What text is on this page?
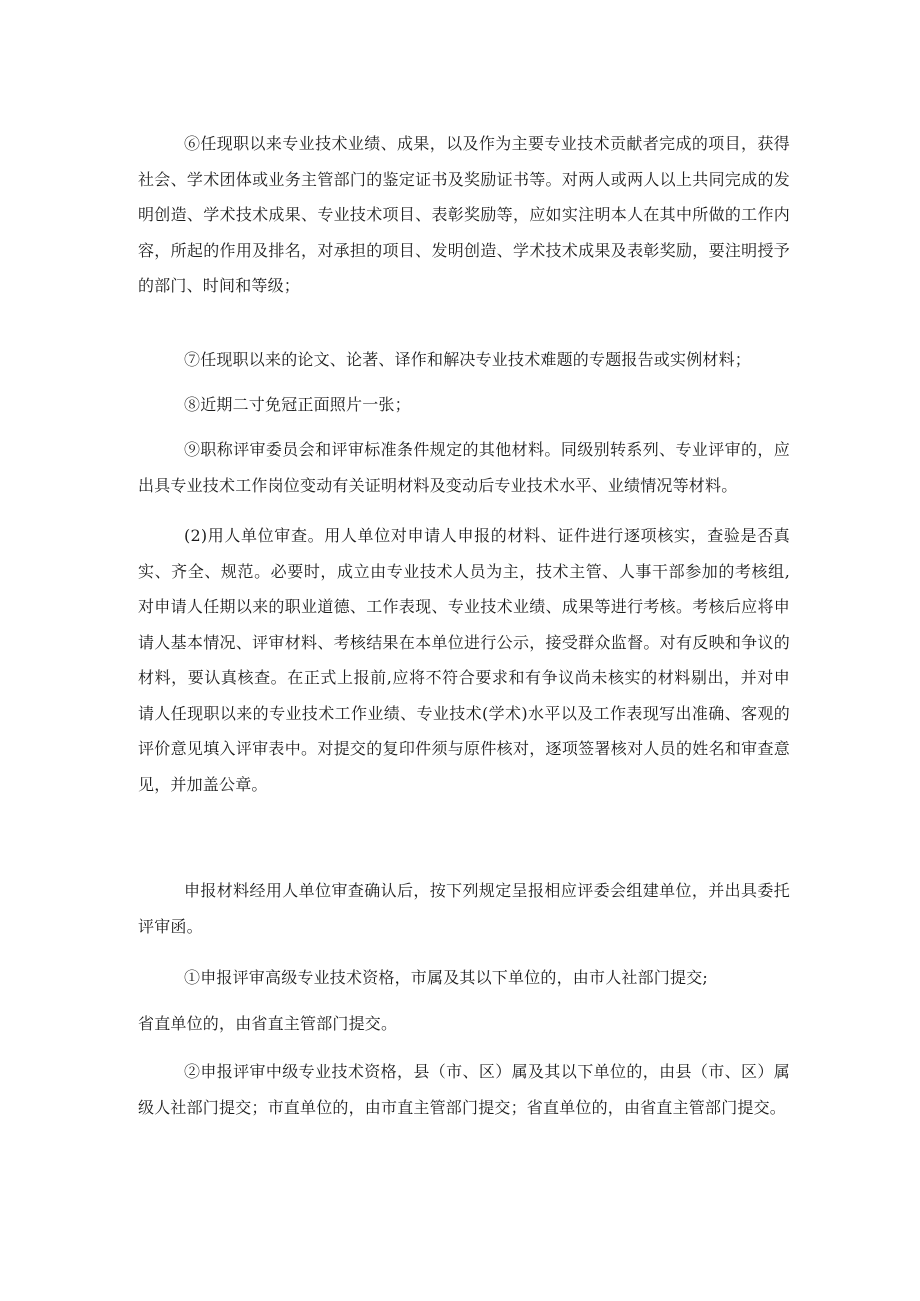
⑥任现职以来专业技术业绩、成果，以及作为主要专业技术贡献者完成的项目，获得社会、学术团体或业务主管部门的鉴定证书及奖励证书等。对两人或两人以上共同完成的发明创造、学术技术成果、专业技术项目、表彰奖励等，应如实注明本人在其中所做的工作内容，所起的作用及排名，对承担的项目、发明创造、学术技术成果及表彰奖励，要注明授予的部门、时间和等级；

⑦任现职以来的论文、论著、译作和解决专业技术难题的专题报告或实例材料；

⑧近期二寸免冠正面照片一张；

⑨职称评审委员会和评审标准条件规定的其他材料。同级别转系列、专业评审的，应出具专业技术工作岗位变动有关证明材料及变动后专业技术水平、业绩情况等材料。

(2)用人单位审查。用人单位对申请人申报的材料、证件进行逐项核实，查验是否真实、齐全、规范。必要时，成立由专业技术人员为主，技术主管、人事干部参加的考核组,对申请人任期以来的职业道德、工作表现、专业技术业绩、成果等进行考核。考核后应将申请人基本情况、评审材料、考核结果在本单位进行公示，接受群众监督。对有反映和争议的材料，要认真核查。在正式上报前,应将不符合要求和有争议尚未核实的材料剔出，并对申请人任现职以来的专业技术工作业绩、专业技术(学术)水平以及工作表现写出准确、客观的评价意见填入评审表中。对提交的复印件须与原件核对，逐项签署核对人员的姓名和审查意见，并加盖公章。

申报材料经用人单位审查确认后，按下列规定呈报相应评委会组建单位，并出具委托评审函。

①申报评审高级专业技术资格，市属及其以下单位的，由市人社部门提交;

省直单位的，由省直主管部门提交。

②申报评审中级专业技术资格，县（市、区）属及其以下单位的，由县（市、区）属级人社部门提交；市直单位的，由市直主管部门提交；省直单位的，由省直主管部门提交。
